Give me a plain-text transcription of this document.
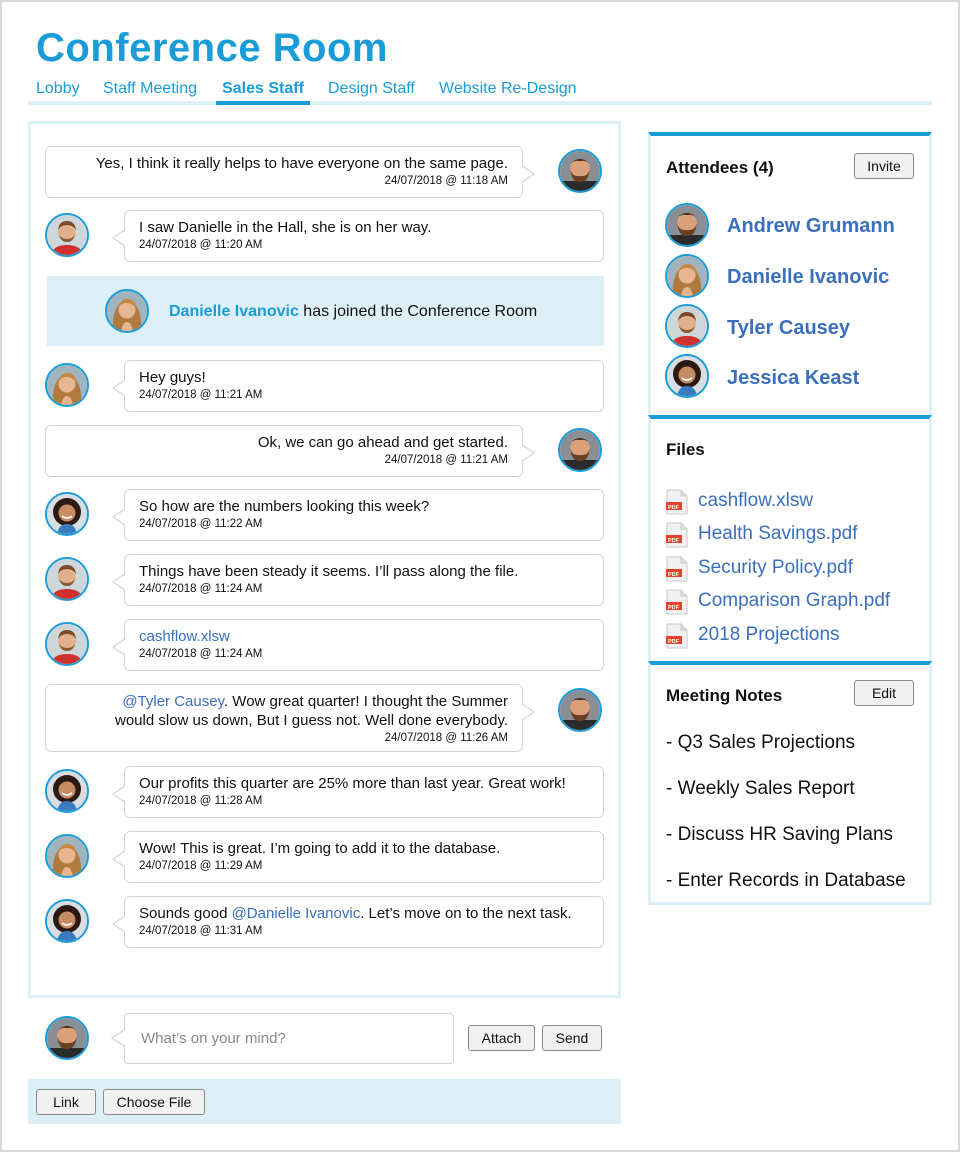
Conference Room
Lobby	Staff Meeting	Sales Staff	Design Staff	Website Re-Design
Yes, I think it really helps to have everyone on the same page.
24/07/2018 @ 11:18 AM
I saw Danielle in the Hall, she is on her way.
24/07/2018 @ 11:20 AM
Danielle Ivanovic has joined the Conference Room
Hey guys!
24/07/2018 @ 11:21 AM
Ok, we can go ahead and get started.
24/07/2018 @ 11:21 AM
So how are the numbers looking this week?
24/07/2018 @ 11:22 AM
Things have been steady it seems. I’ll pass along the file.
24/07/2018 @ 11:24 AM
cashflow.xlsw
24/07/2018 @ 11:24 AM
@Tyler Causey. Wow great quarter! I thought the Summer
would slow us down, But I guess not. Well done everybody.
24/07/2018 @ 11:26 AM
Our profits this quarter are 25% more than last year. Great work!
24/07/2018 @ 11:28 AM
Wow! This is great. I’m going to add it to the database.
24/07/2018 @ 11:29 AM
Sounds good @Danielle Ivanovic. Let’s move on to the next task.
24/07/2018 @ 11:31 AM
What’s on your mind?
Attach	Send
Link	Choose File
Attendees (4)	Invite
Andrew Grumann
Danielle Ivanovic
Tyler Causey
Jessica Keast
Files
PDF cashflow.xlsw
PDF Health Savings.pdf
PDF Security Policy.pdf
PDF Comparison Graph.pdf
PDF 2018 Projections
Meeting Notes	Edit
- Q3 Sales Projections
- Weekly Sales Report
- Discuss HR Saving Plans
- Enter Records in Database
